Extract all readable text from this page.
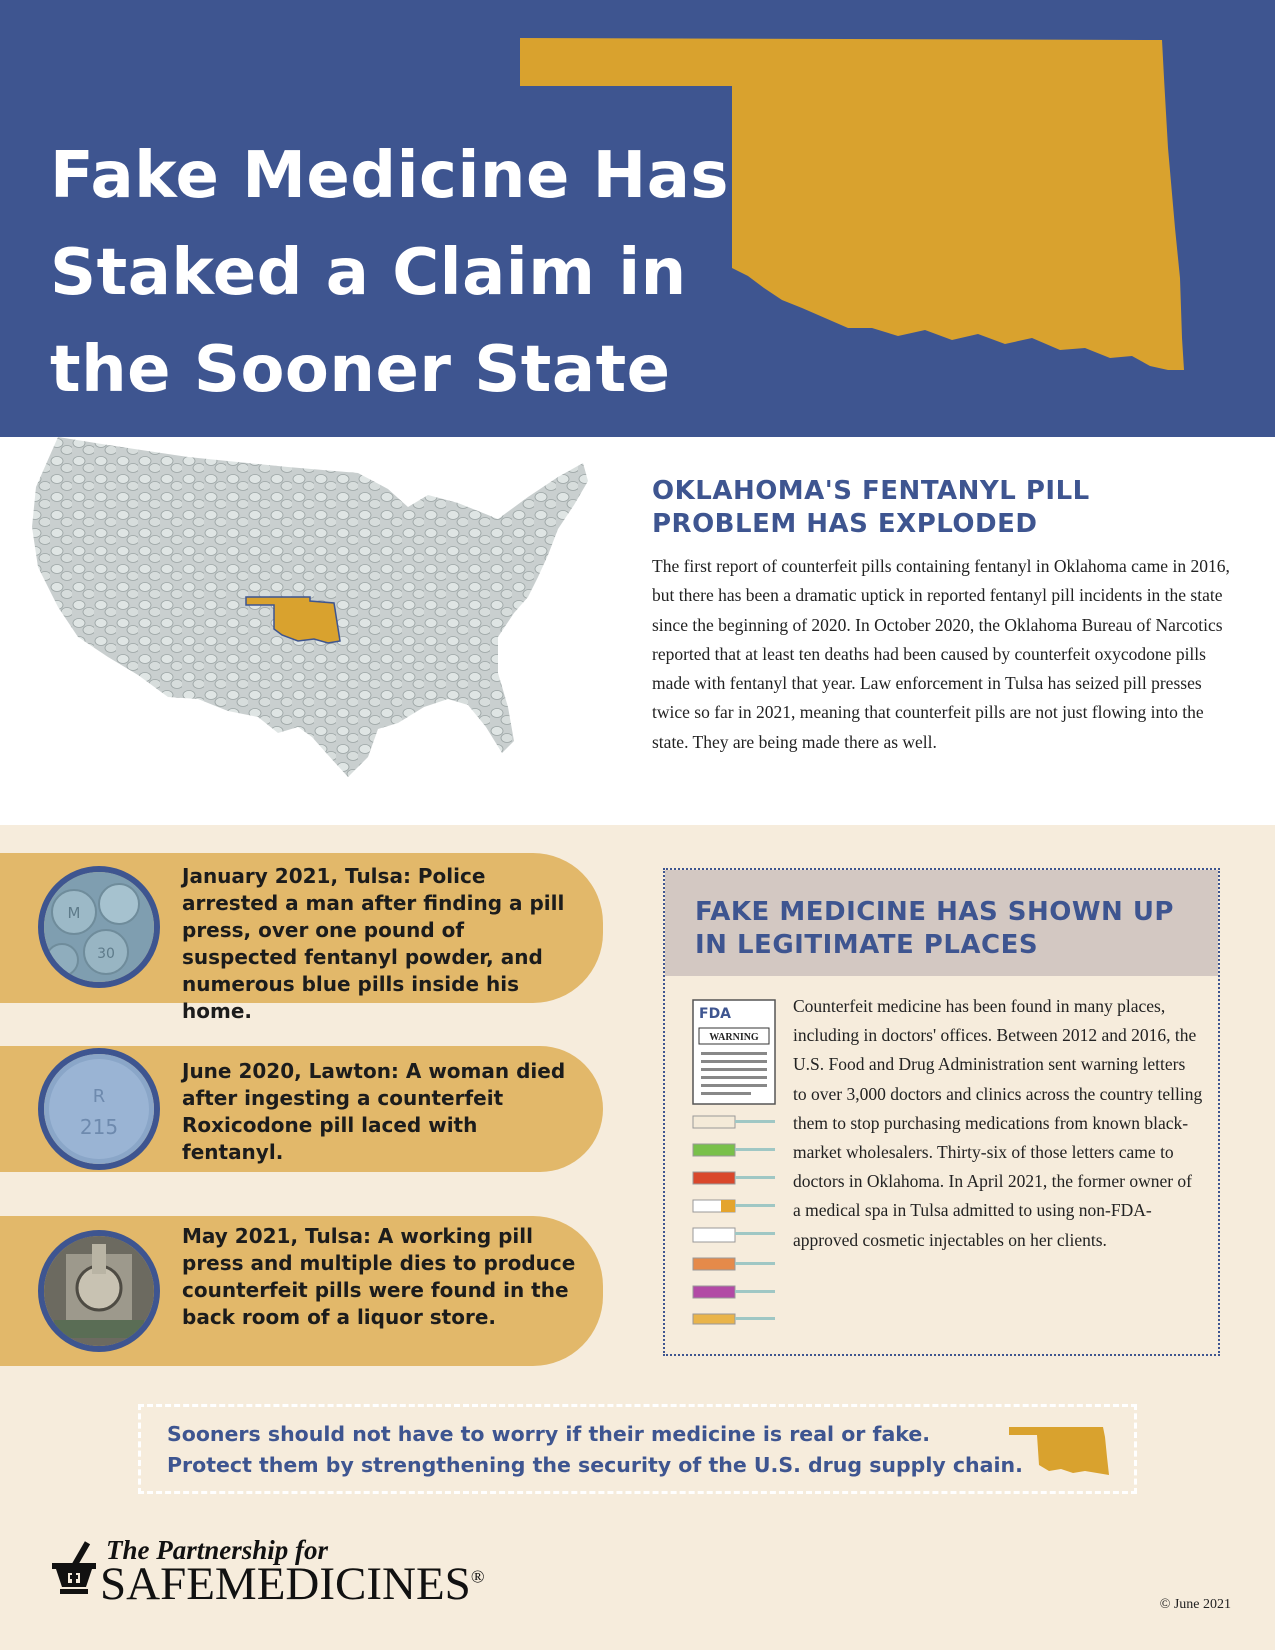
Fake Medicine Has
Staked a Claim in
the Sooner State
OKLAHOMA'S FENTANYL PILL
PROBLEM HAS EXPLODED

The first report of counterfeit pills containing fentanyl in Oklahoma came in 2016, but there has been a dramatic uptick in reported fentanyl pill incidents in the state since the beginning of 2020. In October 2020, the Oklahoma Bureau of Narcotics reported that at least ten deaths had been caused by counterfeit oxycodone pills made with fentanyl that year. Law enforcement in Tulsa has seized pill presses twice so far in 2021, meaning that counterfeit pills are not just flowing into the state. They are being made there as well.

M
30
January 2021, Tulsa: Police arrested a man after finding a pill press, over one pound of suspected fentanyl powder, and numerous blue pills inside his home.
R
215
June 2020, Lawton: A woman died after ingesting a counterfeit Roxicodone pill laced with fentanyl.
May 2021, Tulsa: A working pill press and multiple dies to produce counterfeit pills were found in the back room of a liquor store.
FAKE MEDICINE HAS SHOWN UP
IN LEGITIMATE PLACES
FDA
WARNING

Counterfeit medicine has been found in many places, including in doctors' offices. Between 2012 and 2016, the U.S. Food and Drug Administration sent warning letters to over 3,000 doctors and clinics across the country telling them to stop purchasing medications from known black-market wholesalers. Thirty-six of those letters came to doctors in Oklahoma. In April 2021, the former owner of a medical spa in Tulsa admitted to using non-FDA-approved cosmetic injectables on her clients.

Sooners should not have to worry if their medicine is real or fake.
Protect them by strengthening the security of the U.S. drug supply chain.
The Partnership for
SAFEMEDICINES®
© June 2021
